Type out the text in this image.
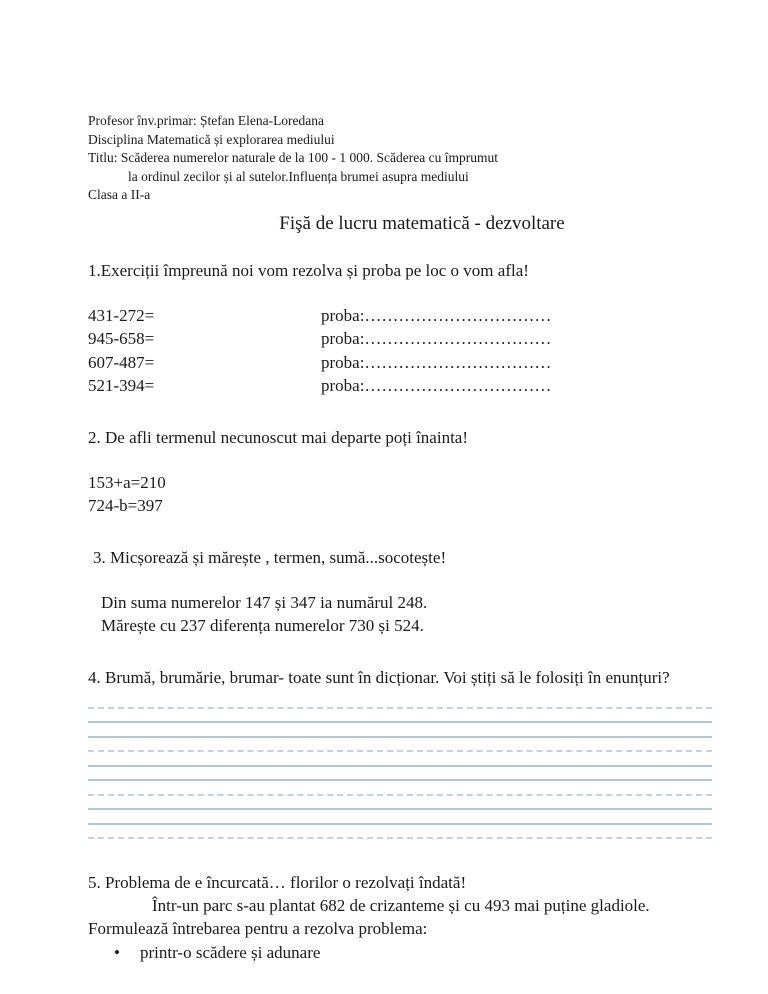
Profesor înv.primar: Ștefan Elena-Loredana
Disciplina Matematică și explorarea mediului
Titlu: Scăderea numerelor naturale de la 100 - 1 000. Scăderea cu împrumut
la ordinul zecilor și al sutelor.Influența brumei asupra mediului
Clasa a II-a
Fişă de lucru matematică - dezvoltare
1.Exerciții împreună noi vom rezolva și proba pe loc o vom afla!
431-272=	proba:……………………………
945-658=	proba:……………………………
607-487=	proba:……………………………
521-394=	proba:……………………………
2. De afli termenul necunoscut mai departe poți înainta!
153+a=210
724-b=397
3. Micșorează și mărește , termen, sumă...socotește!
Din suma numerelor 147 și 347 ia numărul 248.
Mărește cu 237 diferența numerelor 730 și 524.
4. Brumă, brumărie, brumar- toate sunt în dicționar. Voi știți să le folosiți în enunțuri?
5. Problema de e încurcată… florilor o rezolvați îndată!
Într-un parc s-au plantat 682 de crizanteme și cu 493 mai puține gladiole.
Formulează întrebarea pentru a rezolva problema:
• printr-o scădere și adunare
